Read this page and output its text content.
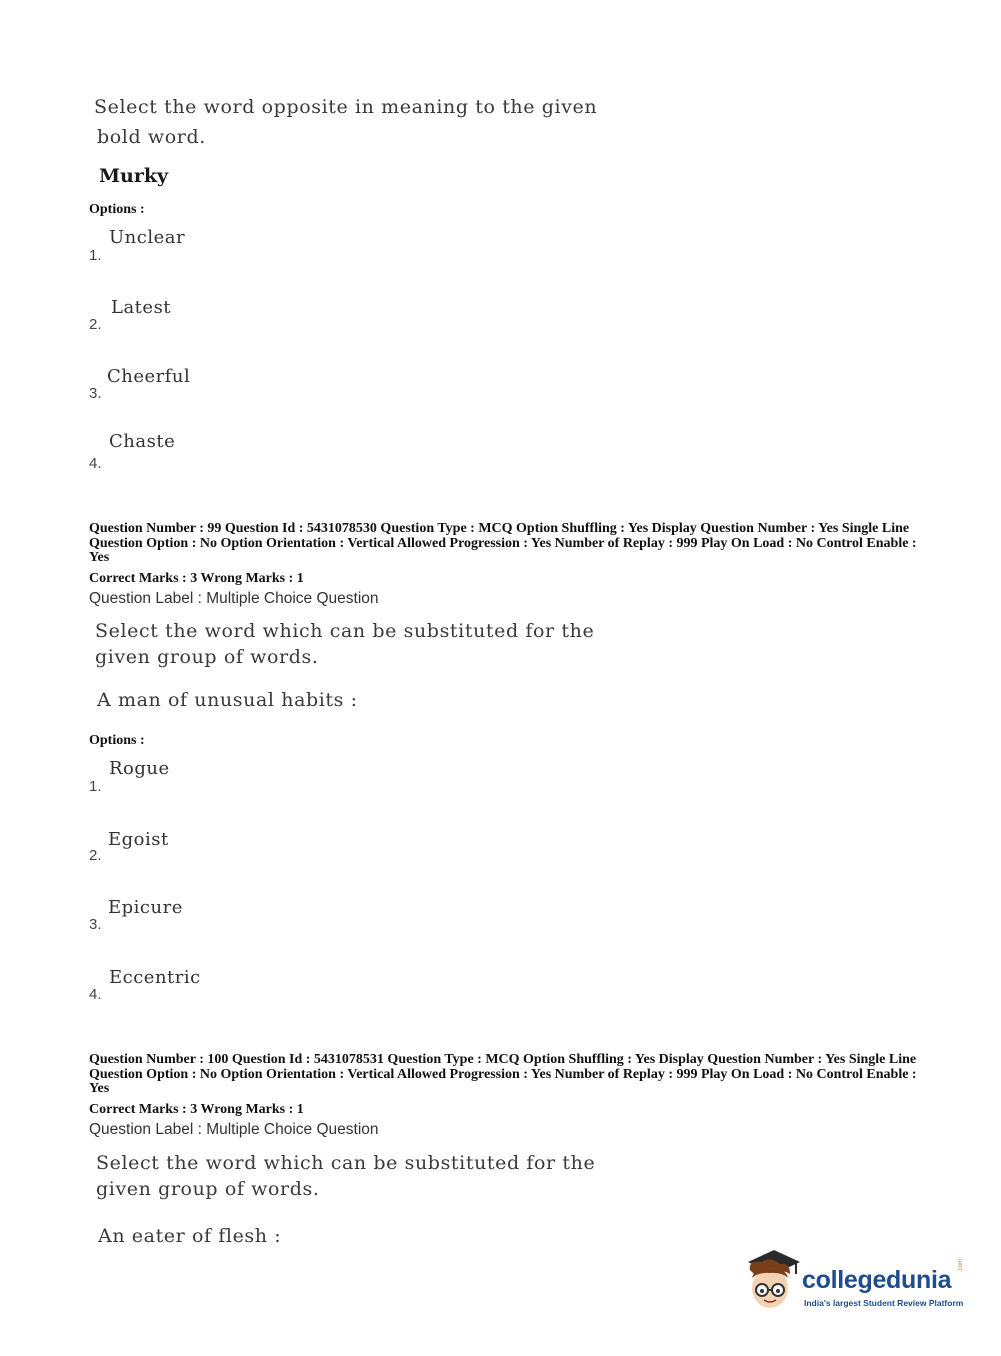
Select the word opposite in meaning to the given
bold word.
Murky
Options :
Unclear
1.
Latest
2.
Cheerful
3.
Chaste
4.
Question Number : 99 Question Id : 5431078530 Question Type : MCQ Option Shuffling : Yes Display Question Number : Yes Single Line Question Option : No Option Orientation : Vertical Allowed Progression : Yes Number of Replay : 999 Play On Load : No Control Enable : Yes
Correct Marks : 3 Wrong Marks : 1
Question Label : Multiple Choice Question
Select the word which can be substituted for the
given group of words.
A man of unusual habits :
Options :
Rogue
1.
Egoist
2.
Epicure
3.
Eccentric
4.
Question Number : 100 Question Id : 5431078531 Question Type : MCQ Option Shuffling : Yes Display Question Number : Yes Single Line Question Option : No Option Orientation : Vertical Allowed Progression : Yes Number of Replay : 999 Play On Load : No Control Enable : Yes
Correct Marks : 3 Wrong Marks : 1
Question Label : Multiple Choice Question
Select the word which can be substituted for the
given group of words.
An eater of flesh :
collegedunia
.com
India's largest Student Review Platform
